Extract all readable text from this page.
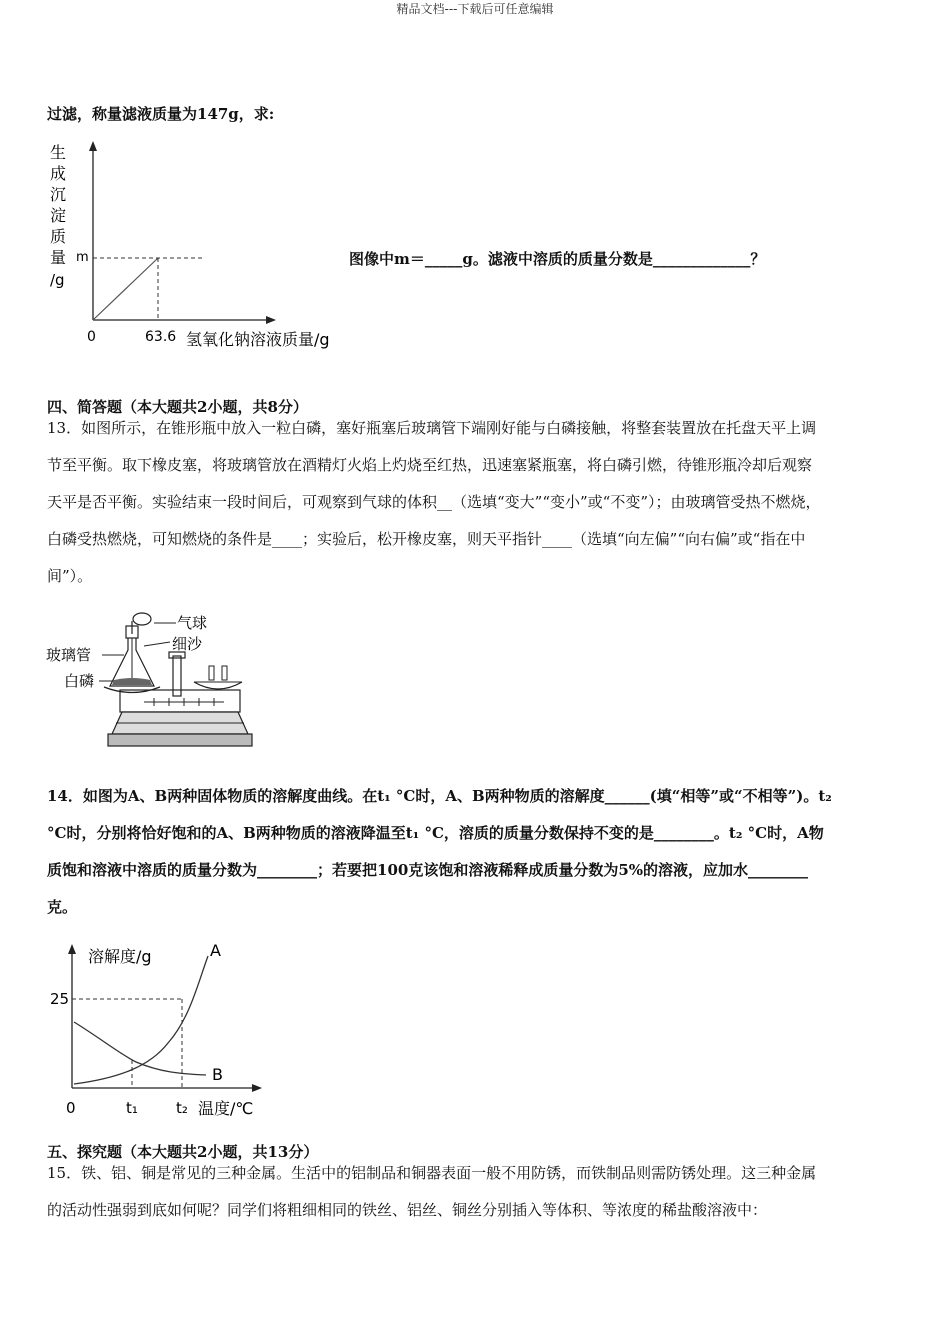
精品文档---下载后可任意编辑
过滤，称量滤液质量为147g，求:
生
成
沉
淀
质
量
/g
m
0	63.6 氢氧化钠溶液质量/g
图像中m＝_____g。滤液中溶质的质量分数是_____________？
四、简答题（本大题共2小题，共8分）
13．如图所示，在锥形瓶中放入一粒白磷，塞好瓶塞后玻璃管下端刚好能与白磷接触，将整套装置放在托盘天平上调
节至平衡。取下橡皮塞，将玻璃管放在酒精灯火焰上灼烧至红热，迅速塞紧瓶塞，将白磷引燃，待锥形瓶冷却后观察
天平是否平衡。实验结束一段时间后，可观察到气球的体积__（选填“变大”“变小”或“不变”）；由玻璃管受热不燃烧，
白磷受热燃烧，可知燃烧的条件是____；实验后，松开橡皮塞，则天平指针____（选填“向左偏”“向右偏”或“指在中
间”）。
气球
细沙
玻璃管
白磷
14．如图为A、B两种固体物质的溶解度曲线。在t₁ °C时，A、B两种物质的溶解度______(填“相等”或“不相等”)。t₂
°C时，分别将恰好饱和的A、B两种物质的溶液降温至t₁ °C，溶质的质量分数保持不变的是________。t₂ °C时，A物
质饱和溶液中溶质的质量分数为________；若要把100克该饱和溶液稀释成质量分数为5%的溶液，应加水________
克。
溶解度/g
25
0	t₁	t₂ 温度/℃
A
B
五、探究题（本大题共2小题，共13分）
15．铁、铝、铜是常见的三种金属。生活中的铝制品和铜器表面一般不用防锈，而铁制品则需防锈处理。这三种金属
的活动性强弱到底如何呢？同学们将粗细相同的铁丝、铝丝、铜丝分别插入等体积、等浓度的稀盐酸溶液中：
